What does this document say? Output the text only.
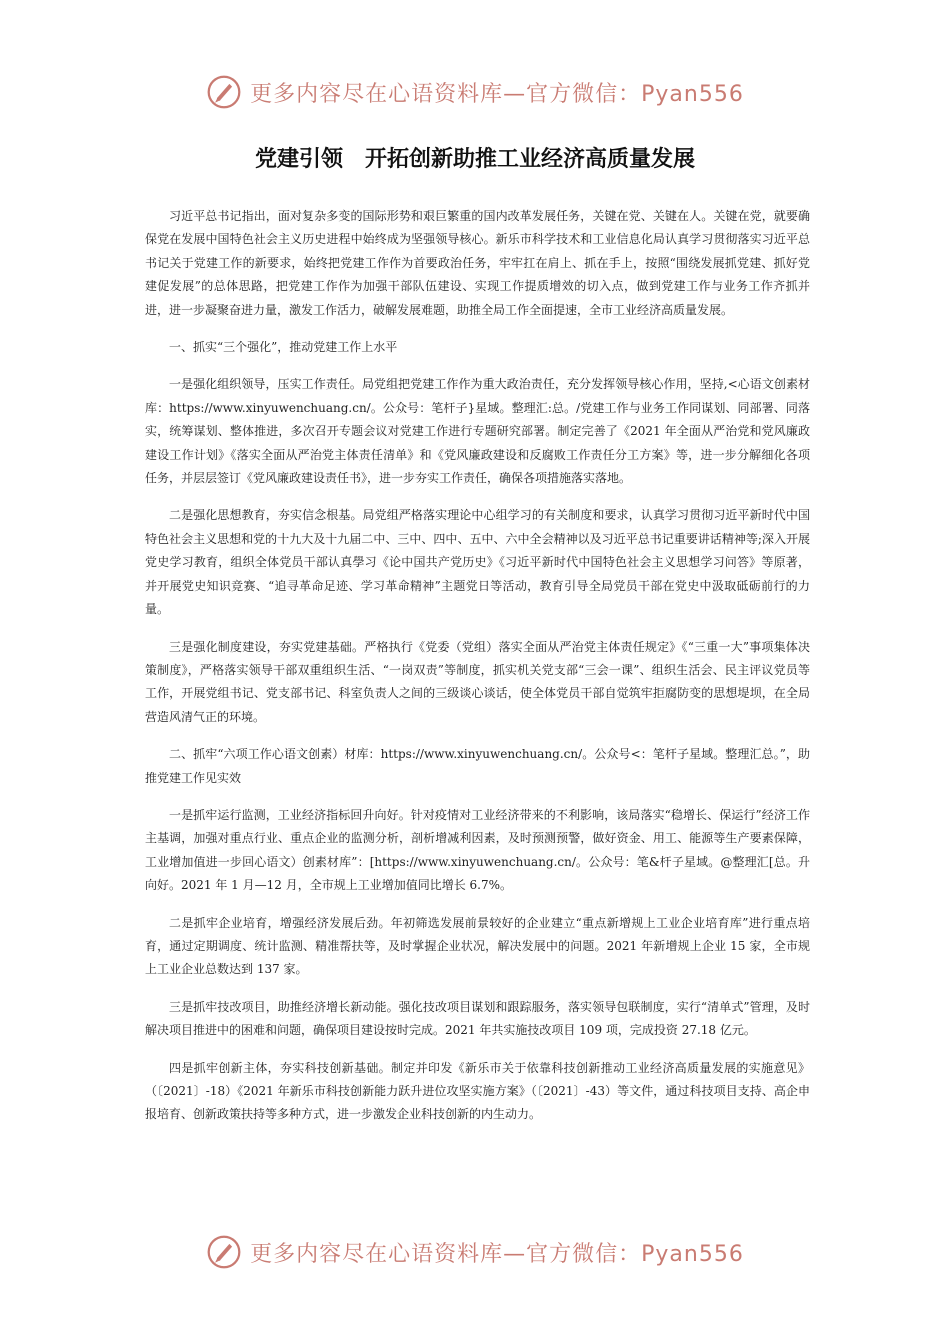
更多内容尽在心语资料库—官方微信：Pyan556
党建引领　开拓创新助推工业经济高质量发展

习近平总书记指出，面对复杂多变的国际形势和艰巨繁重的国内改革发展任务，关键在党、关键在人。关键在党，就要确保党在发展中国特色社会主义历史进程中始终成为坚强领导核心。新乐市科学技术和工业信息化局认真学习贯彻落实习近平总书记关于党建工作的新要求，始终把党建工作作为首要政治任务，牢牢扛在肩上、抓在手上，按照“围绕发展抓党建、抓好党建促发展”的总体思路，把党建工作作为加强干部队伍建设、实现工作提质增效的切入点，做到党建工作与业务工作齐抓并进，进一步凝聚奋进力量，激发工作活力，破解发展难题，助推全局工作全面提速，全市工业经济高质量发展。

一、抓实“三个强化”，推动党建工作上水平

一是强化组织领导，压实工作责任。局党组把党建工作作为重大政治责任，充分发挥领导核心作用，坚持,<心语文创素材库：https://www.xinyuwenchuang.cn/。公众号：笔杆子}星域。整理汇:总。/党建工作与业务工作同谋划、同部署、同落实，统筹谋划、整体推进，多次召开专题会议对党建工作进行专题研究部署。制定完善了《2021 年全面从严治党和党风廉政建设工作计划》《落实全面从严治党主体责任清单》和《党风廉政建设和反腐败工作责任分工方案》等，进一步分解细化各项任务，并层层签订《党风廉政建设责任书》，进一步夯实工作责任，确保各项措施落实落地。

二是强化思想教育，夯实信念根基。局党组严格落实理论中心组学习的有关制度和要求，认真学习贯彻习近平新时代中国特色社会主义思想和党的十九大及十九届二中、三中、四中、五中、六中全会精神以及习近平总书记重要讲话精神等;深入开展党史学习教育，组织全体党员干部认真學习《论中国共产党历史》《习近平新时代中国特色社会主义思想学习问答》等原著，并开展党史知识竞赛、“追寻革命足迹、学习革命精神”主题党日等活动，教育引导全局党员干部在党史中汲取砥砺前行的力量。

三是强化制度建设，夯实党建基础。严格执行《党委（党组）落实全面从严治党主体责任规定》《“三重一大”事项集体决策制度》，严格落实领导干部双重组织生活、“一岗双责”等制度，抓实机关党支部“三会一课”、组织生活会、民主评议党员等工作，开展党组书记、党支部书记、科室负责人之间的三级谈心谈话，使全体党员干部自觉筑牢拒腐防变的思想堤坝，在全局营造风清气正的环境。

二、抓牢“六项工作心语文创素）材库：https://www.xinyuwenchuang.cn/。公众号<：笔杆子星域。整理汇总。”，助推党建工作见实效

一是抓牢运行监测，工业经济指标回升向好。针对疫情对工业经济带来的不利影响，该局落实“稳增长、保运行”经济工作主基调，加强对重点行业、重点企业的监测分析，剖析增减利因素，及时预测预警，做好资金、用工、能源等生产要素保障，工业增加值进一步回心语文）创素材库”：[https://www.xinyuwenchuang.cn/。公众号：笔&杆子星域。@整理汇[总。升向好。2021 年 1 月—12 月，全市规上工业增加值同比增长 6.7%。

二是抓牢企业培育，增强经济发展后劲。年初筛选发展前景较好的企业建立“重点新增规上工业企业培育库”进行重点培育，通过定期调度、统计监测、精准帮扶等，及时掌握企业状况，解决发展中的问题。2021 年新增规上企业 15 家，全市规上工业企业总数达到 137 家。

三是抓牢技改项目，助推经济增长新动能。强化技改项目谋划和跟踪服务，落实领导包联制度，实行“清单式”管理，及时解决项目推进中的困难和问题，确保项目建设按时完成。2021 年共实施技改项目 109 项，完成投资 27.18 亿元。

四是抓牢创新主体，夯实科技创新基础。制定并印发《新乐市关于依靠科技创新推动工业经济高质量发展的实施意见》（〔2021〕-18）《2021 年新乐市科技创新能力跃升进位攻坚实施方案》（〔2021〕-43）等文件，通过科技项目支持、高企申报培育、创新政策扶持等多种方式，进一步激发企业科技创新的内生动力。

更多内容尽在心语资料库—官方微信：Pyan556
